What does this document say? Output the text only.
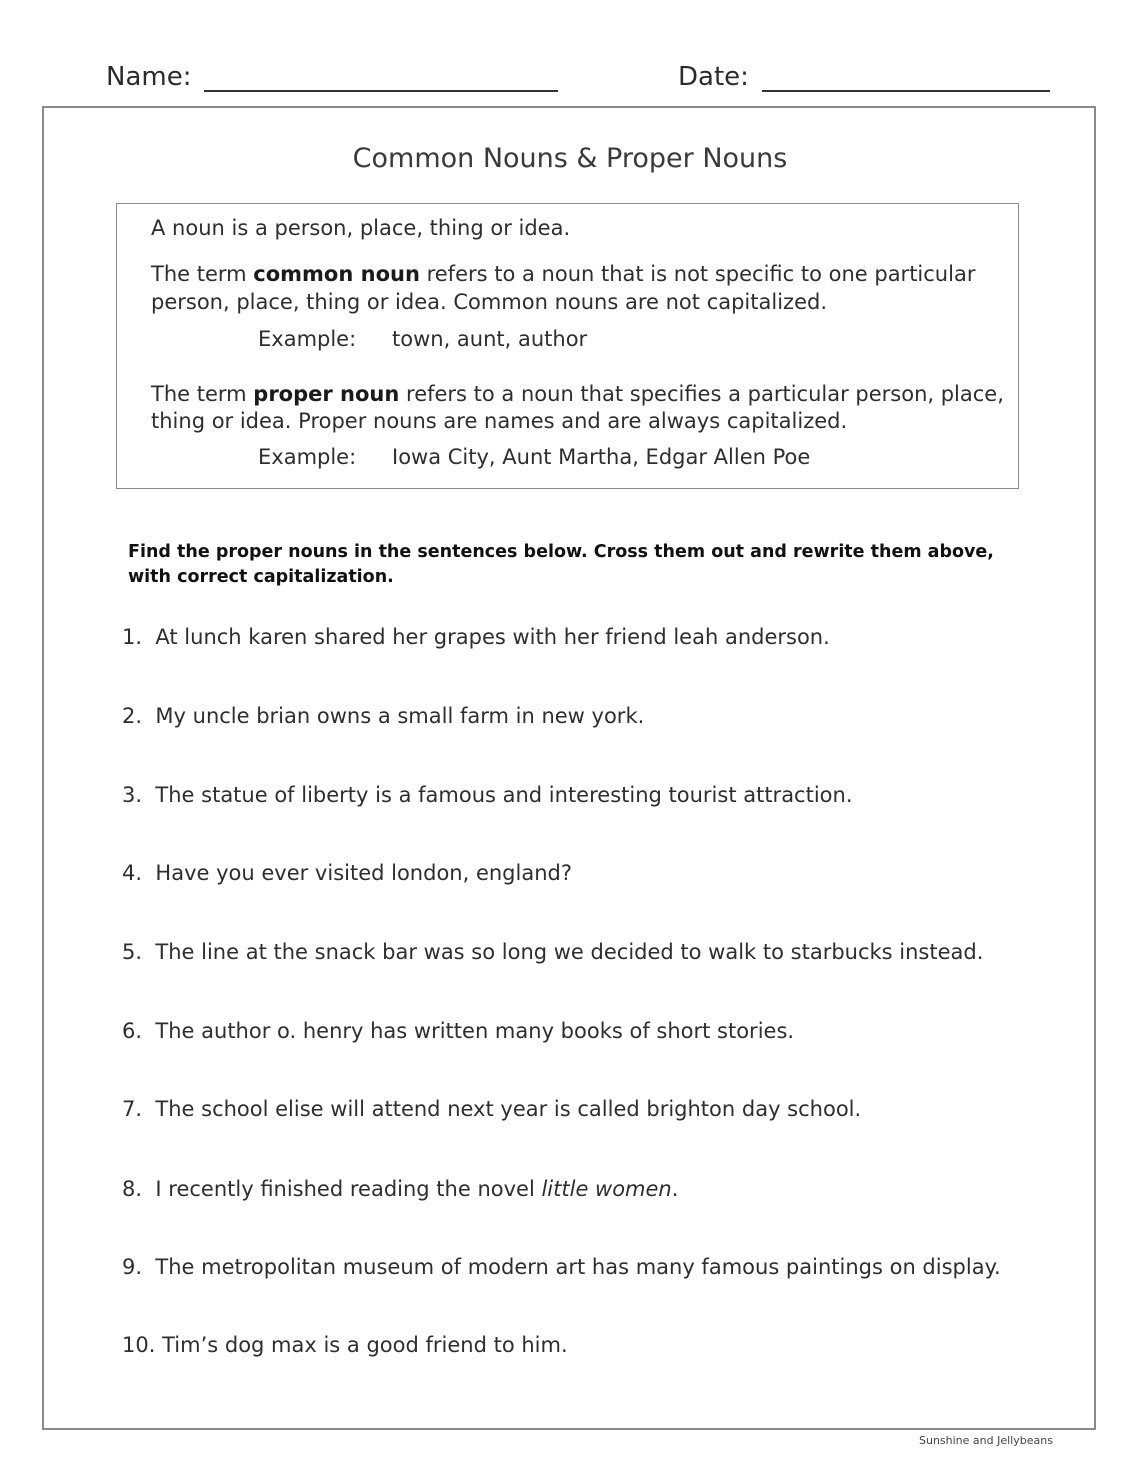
Name:	Date:
Common Nouns & Proper Nouns
A noun is a person, place, thing or idea.
The term common noun refers to a noun that is not specific to one particular
person, place, thing or idea. Common nouns are not capitalized.
Example: town, aunt, author
The term proper noun refers to a noun that specifies a particular person, place,
thing or idea. Proper nouns are names and are always capitalized.
Example: Iowa City, Aunt Martha, Edgar Allen Poe
Find the proper nouns in the sentences below. Cross them out and rewrite them above,
with correct capitalization.
1. At lunch karen shared her grapes with her friend leah anderson.
2. My uncle brian owns a small farm in new york.
3. The statue of liberty is a famous and interesting tourist attraction.
4. Have you ever visited london, england?
5. The line at the snack bar was so long we decided to walk to starbucks instead.
6. The author o. henry has written many books of short stories.
7. The school elise will attend next year is called brighton day school.
8. I recently finished reading the novel little women.
9. The metropolitan museum of modern art has many famous paintings on display.
10. Tim’s dog max is a good friend to him.
Sunshine and Jellybeans
